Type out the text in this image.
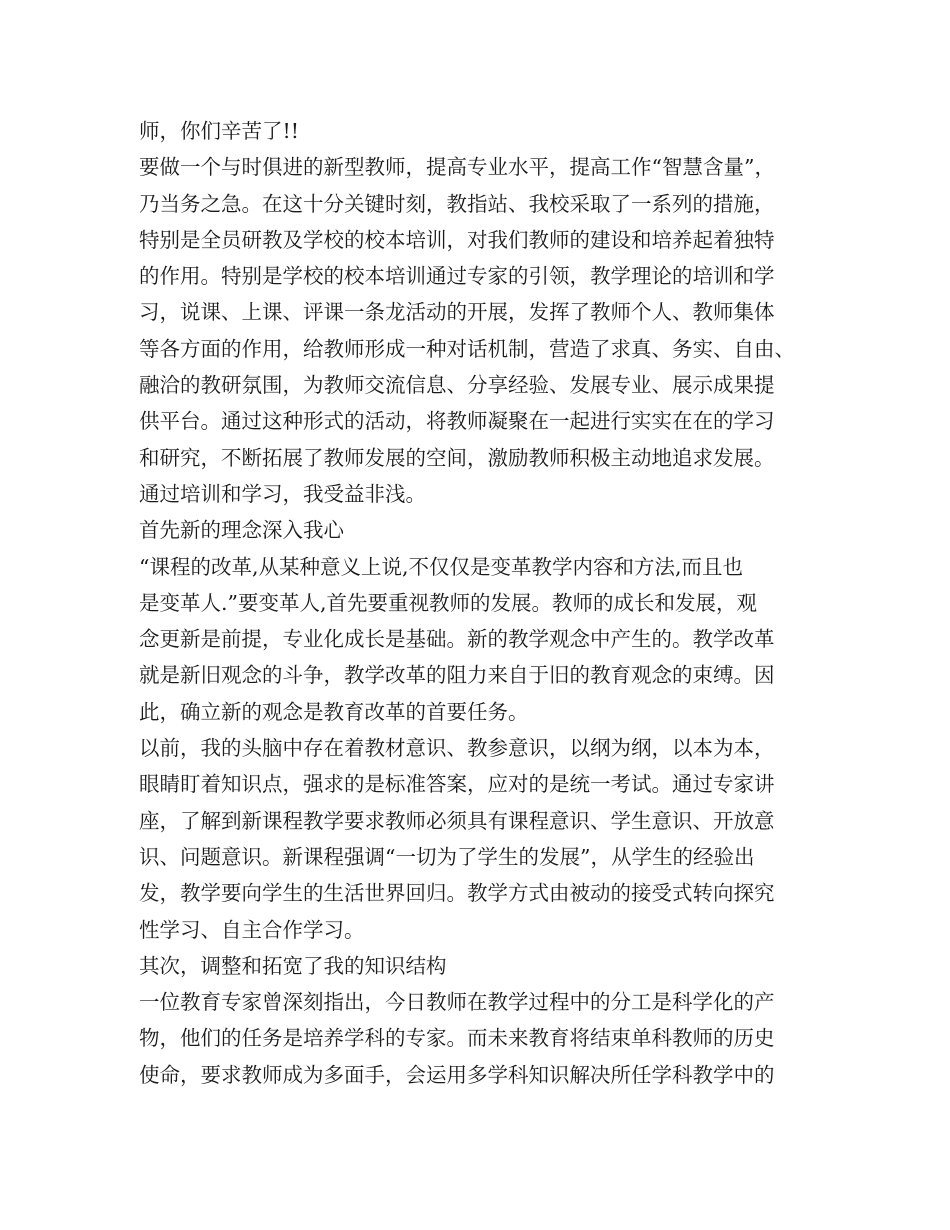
师，你们辛苦了!!
要做一个与时俱进的新型教师，提高专业水平，提高工作“智慧含量”，
乃当务之急。在这十分关键时刻，教指站、我校采取了一系列的措施，
特别是全员研教及学校的校本培训，对我们教师的建设和培养起着独特
的作用。特别是学校的校本培训通过专家的引领，教学理论的培训和学
习，说课、上课、评课一条龙活动的开展，发挥了教师个人、教师集体
等各方面的作用，给教师形成一种对话机制，营造了求真、务实、自由、
融洽的教研氛围，为教师交流信息、分享经验、发展专业、展示成果提
供平台。通过这种形式的活动，将教师凝聚在一起进行实实在在的学习
和研究，不断拓展了教师发展的空间，激励教师积极主动地追求发展。
通过培训和学习，我受益非浅。
首先新的理念深入我心
“课程的改革,从某种意义上说,不仅仅是变革教学内容和方法,而且也
是变革人.”要变革人,首先要重视教师的发展。教师的成长和发展，观
念更新是前提，专业化成长是基础。新的教学观念中产生的。教学改革
就是新旧观念的斗争，教学改革的阻力来自于旧的教育观念的束缚。因
此，确立新的观念是教育改革的首要任务。
以前，我的头脑中存在着教材意识、教参意识，以纲为纲，以本为本，
眼睛盯着知识点，强求的是标准答案，应对的是统一考试。通过专家讲
座，了解到新课程教学要求教师必须具有课程意识、学生意识、开放意
识、问题意识。新课程强调“一切为了学生的发展”，从学生的经验出
发，教学要向学生的生活世界回归。教学方式由被动的接受式转向探究
性学习、自主合作学习。
其次，调整和拓宽了我的知识结构
一位教育专家曾深刻指出，今日教师在教学过程中的分工是科学化的产
物，他们的任务是培养学科的专家。而未来教育将结束单科教师的历史
使命，要求教师成为多面手，会运用多学科知识解决所任学科教学中的
